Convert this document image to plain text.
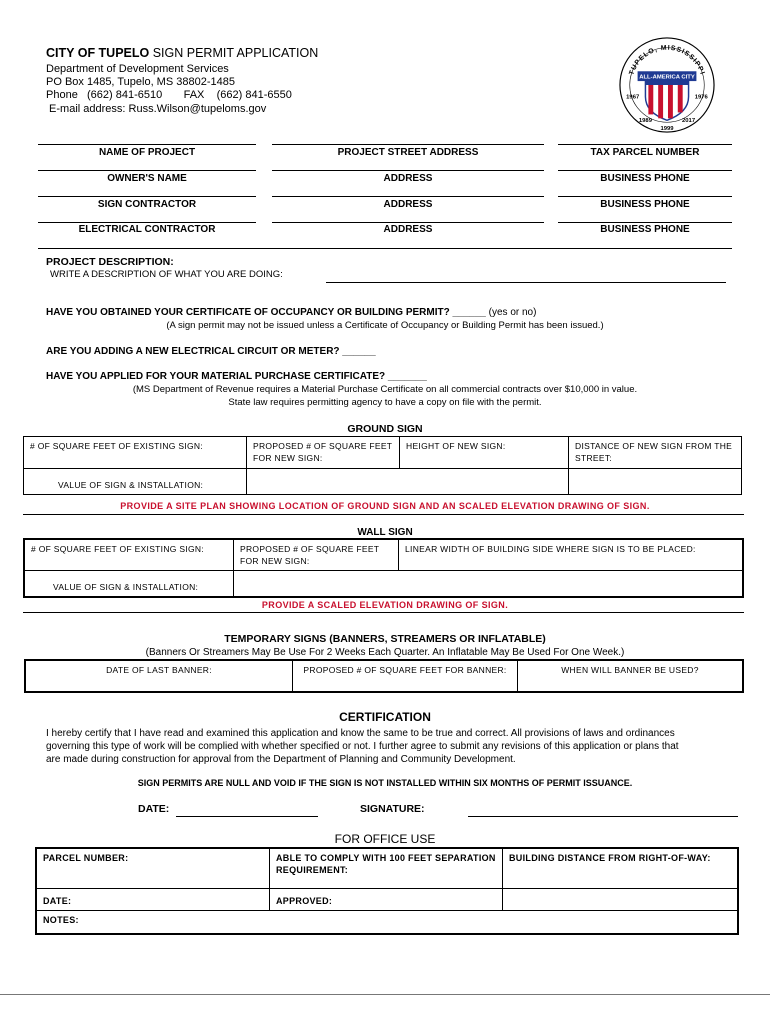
CITY OF TUPELO SIGN PERMIT APPLICATION
Department of Development Services
PO Box 1485, Tupelo, MS 38802-1485
Phone   (662) 841-6510       FAX    (662) 841-6550
E-mail address: Russ.Wilson@tupeloms.gov
TUPELO, MISSISSIPPI
ALL-AMERICA CITY
1967	1976
1989	2017
1999
NAME OF PROJECT	PROJECT STREET ADDRESS	TAX PARCEL NUMBER
OWNER'S NAME	ADDRESS	BUSINESS PHONE
SIGN CONTRACTOR	ADDRESS	BUSINESS PHONE
ELECTRICAL CONTRACTOR	ADDRESS	BUSINESS PHONE
PROJECT DESCRIPTION:
WRITE A DESCRIPTION OF WHAT YOU ARE DOING:
HAVE YOU OBTAINED YOUR CERTIFICATE OF OCCUPANCY OR BUILDING PERMIT? ______ (yes or no)
(A sign permit may not be issued unless a Certificate of Occupancy or Building Permit has been issued.)
ARE YOU ADDING A NEW ELECTRICAL CIRCUIT OR METER? ______
HAVE YOU APPLIED FOR YOUR MATERIAL PURCHASE CERTIFICATE? _______
(MS Department of Revenue requires a Material Purchase Certificate on all commercial contracts over $10,000 in value.
State law requires permitting agency to have a copy on file with the permit.
GROUND SIGN
# OF SQUARE FEET OF EXISTING SIGN:	PROPOSED # OF SQUARE FEET FOR NEW SIGN:	HEIGHT OF NEW SIGN:	DISTANCE OF NEW SIGN FROM THE STREET:
VALUE OF SIGN & INSTALLATION:			
PROVIDE A SITE PLAN SHOWING LOCATION OF GROUND SIGN AND AN SCALED ELEVATION DRAWING OF SIGN.
WALL SIGN
# OF SQUARE FEET OF EXISTING SIGN:	PROPOSED # OF SQUARE FEET FOR NEW SIGN:	LINEAR WIDTH OF BUILDING SIDE WHERE SIGN IS TO BE PLACED:
VALUE OF SIGN & INSTALLATION:		
PROVIDE A SCALED ELEVATION DRAWING OF SIGN.
TEMPORARY SIGNS (BANNERS, STREAMERS OR INFLATABLE)
(Banners Or Streamers May Be Use For 2 Weeks Each Quarter. An Inflatable May Be Used For One Week.)
DATE OF LAST BANNER:	PROPOSED # OF SQUARE FEET FOR BANNER:	WHEN WILL BANNER BE USED?
CERTIFICATION
I hereby certify that I have read and examined this application and know the same to be true and correct. All provisions of laws and ordinances
governing this type of work will be complied with whether specified or not. I further agree to submit any revisions of this application or plans that
are made during construction for approval from the Department of Planning and Community Development.
SIGN PERMITS ARE NULL AND VOID IF THE SIGN IS NOT INSTALLED WITHIN SIX MONTHS OF PERMIT ISSUANCE.
DATE:	SIGNATURE:
FOR OFFICE USE
PARCEL NUMBER:	ABLE TO COMPLY WITH 100 FEET SEPARATION REQUIREMENT:	BUILDING DISTANCE FROM RIGHT-OF-WAY:
DATE:	APPROVED:	
NOTES:		
